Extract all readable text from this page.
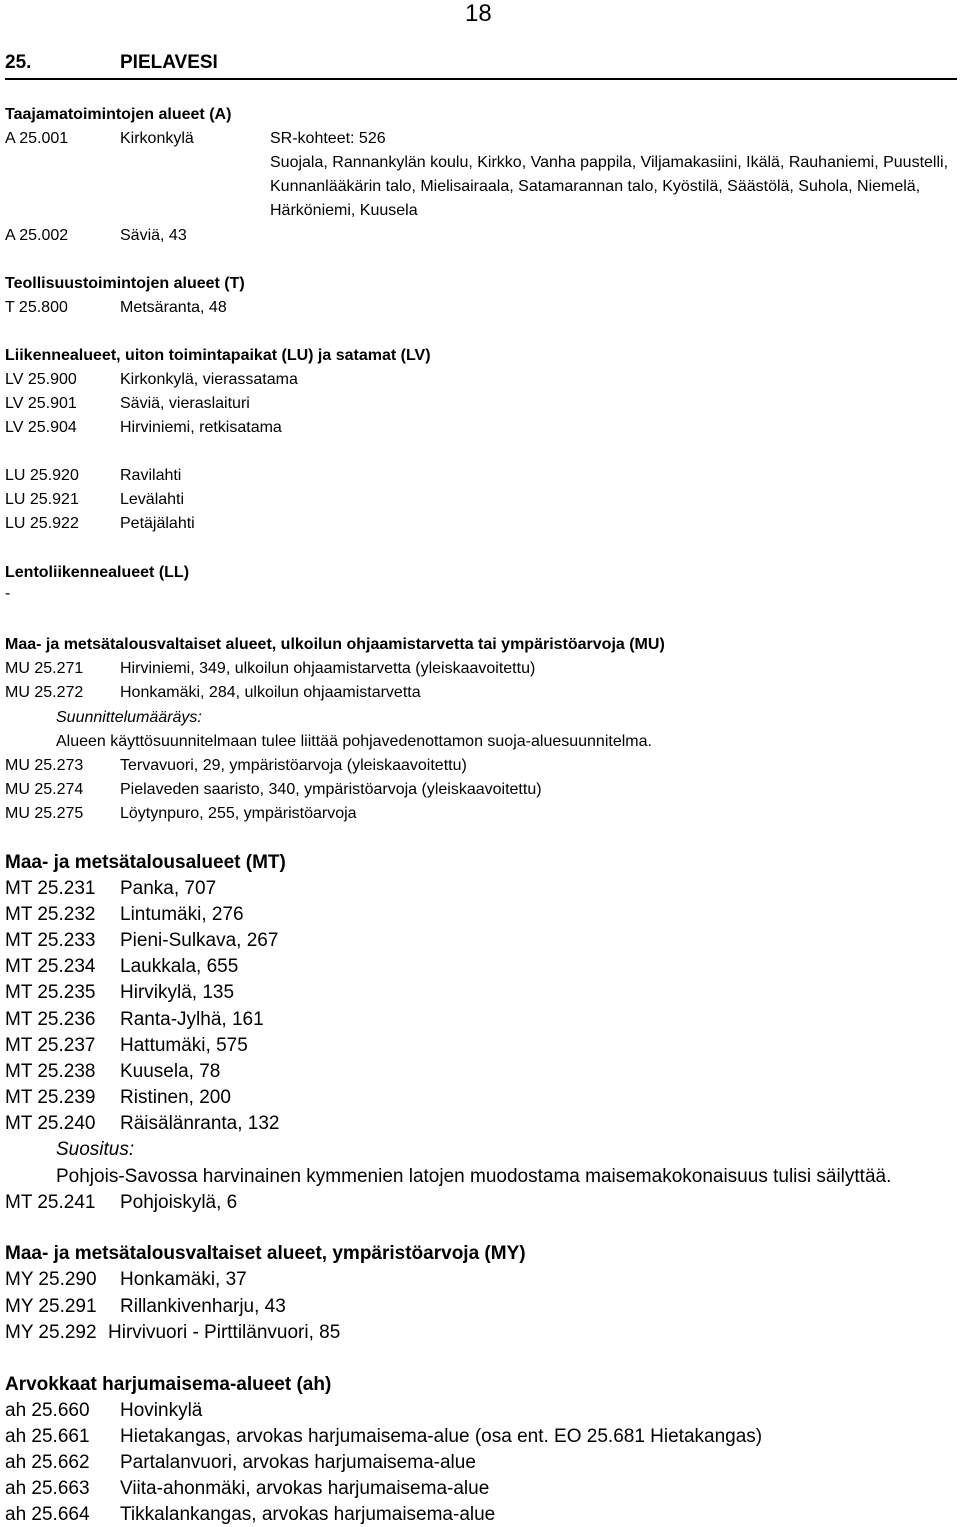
18
25.	PIELAVESI
Taajamatoimintojen alueet (A)
A 25.001	Kirkonkylä	SR-kohteet: 526
Suojala, Rannankylän koulu, Kirkko, Vanha pappila, Viljamakasiini, Ikälä, Rauhaniemi, Puustelli,
Kunnanlääkärin talo, Mielisairaala, Satamarannan talo, Kyöstilä, Säästölä, Suhola, Niemelä,
Härköniemi, Kuusela
A 25.002	Säviä, 43
Teollisuustoimintojen alueet (T)
T 25.800	Metsäranta, 48
Liikennealueet, uiton toimintapaikat (LU) ja satamat (LV)
LV 25.900	Kirkonkylä, vierassatama
LV 25.901	Säviä, vieraslaituri
LV 25.904	Hirviniemi, retkisatama
LU 25.920	Ravilahti
LU 25.921	Levälahti
LU 25.922	Petäjälahti
Lentoliikennealueet (LL)
-
Maa- ja metsätalousvaltaiset alueet, ulkoilun ohjaamistarvetta tai ympäristöarvoja (MU)
MU 25.271 Hirviniemi, 349, ulkoilun ohjaamistarvetta (yleiskaavoitettu)
MU 25.272 Honkamäki, 284, ulkoilun ohjaamistarvetta
Suunnittelumääräys:
Alueen käyttösuunnitelmaan tulee liittää pohjavedenottamon suoja-aluesuunnitelma.
MU 25.273 Tervavuori, 29, ympäristöarvoja (yleiskaavoitettu)
MU 25.274 Pielaveden saaristo, 340, ympäristöarvoja (yleiskaavoitettu)
MU 25.275 Löytynpuro, 255, ympäristöarvoja
Maa- ja metsätalousalueet (MT)
MT 25.231 Panka, 707
MT 25.232 Lintumäki, 276
MT 25.233 Pieni-Sulkava, 267
MT 25.234 Laukkala, 655
MT 25.235 Hirvikylä, 135
MT 25.236 Ranta-Jylhä, 161
MT 25.237 Hattumäki, 575
MT 25.238 Kuusela, 78
MT 25.239 Ristinen, 200
MT 25.240 Räisälänranta, 132
Suositus:
Pohjois-Savossa harvinainen kymmenien latojen muodostama maisemakokonaisuus tulisi säilyttää.
MT 25.241 Pohjoiskylä, 6
Maa- ja metsätalousvaltaiset alueet, ympäristöarvoja (MY)
MY 25.290 Honkamäki, 37
MY 25.291 Rillankivenharju, 43
MY 25.292 Hirvivuori - Pirttilänvuori, 85
Arvokkaat harjumaisema-alueet (ah)
ah 25.660 Hovinkylä
ah 25.661 Hietakangas, arvokas harjumaisema-alue (osa ent. EO 25.681 Hietakangas)
ah 25.662 Partalanvuori, arvokas harjumaisema-alue
ah 25.663 Viita-ahonmäki, arvokas harjumaisema-alue
ah 25.664 Tikkalankangas, arvokas harjumaisema-alue
